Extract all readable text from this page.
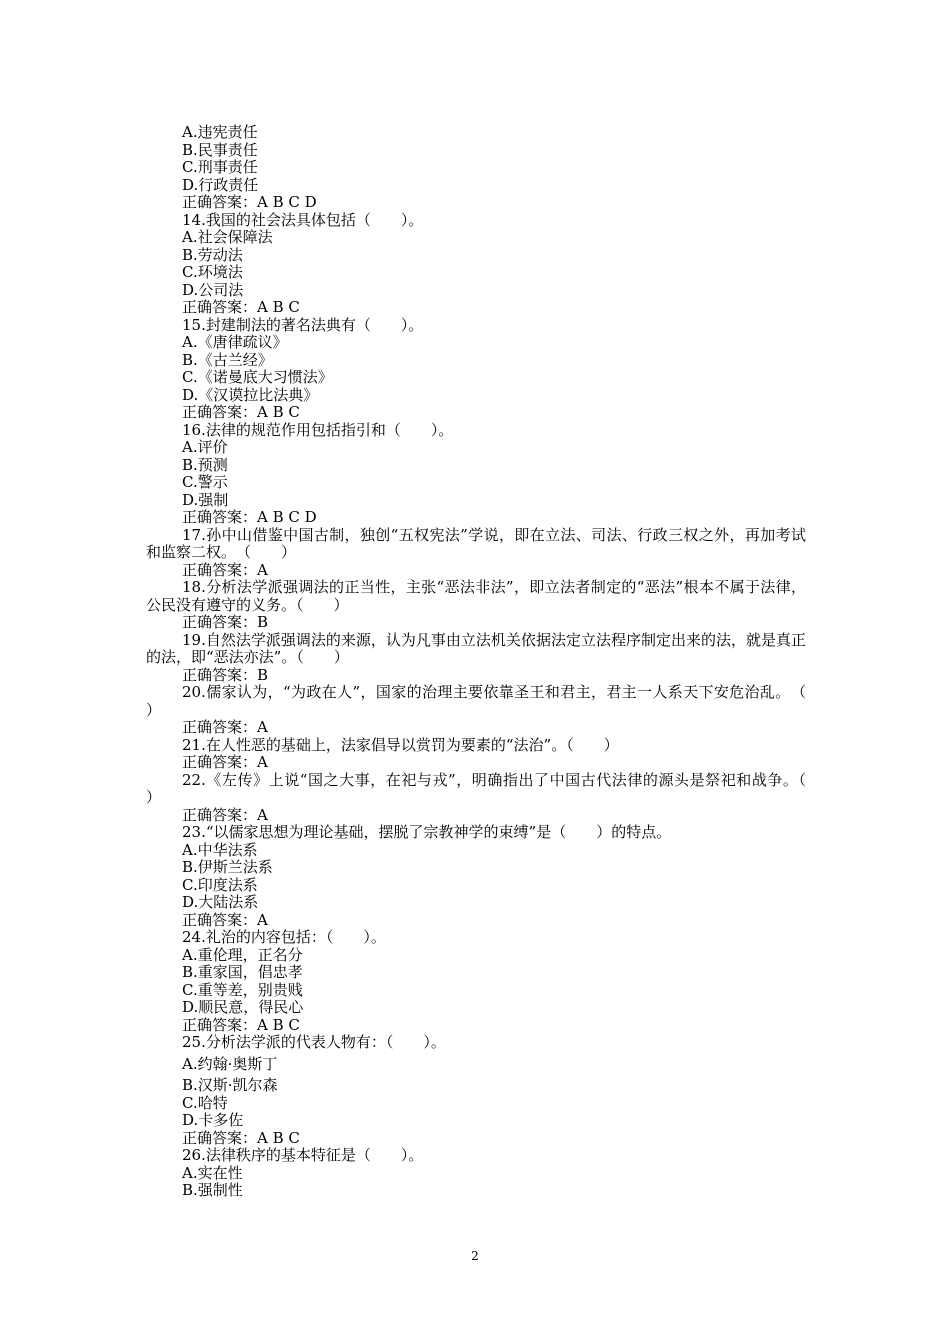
A.违宪责任
B.民事责任
C.刑事责任
D.行政责任
正确答案：A B C D
14.我国的社会法具体包括（　　）。
A.社会保障法
B.劳动法
C.环境法
D.公司法
正确答案：A B C
15.封建制法的著名法典有（　　）。
A.《唐律疏议》
B.《古兰经》
C.《诺曼底大习惯法》
D.《汉谟拉比法典》
正确答案：A B C
16.法律的规范作用包括指引和（　　）。
A.评价
B.预测
C.警示
D.强制
正确答案：A B C D
17.孙中山借鉴中国古制，独创“五权宪法”学说，即在立法、司法、行政三权之外，再加考试和监察二权。　（　　）
正确答案：A
18.分析法学派强调法的正当性，主张“恶法非法”，即立法者制定的“恶法”根本不属于法律，公民没有遵守的义务。（　　）
正确答案：B
19.自然法学派强调法的来源，认为凡事由立法机关依据法定立法程序制定出来的法，就是真正的法，即“恶法亦法”。（　　）
正确答案：B
20.儒家认为，“为政在人”，国家的治理主要依靠圣王和君主，君主一人系天下安危治乱。　（　　）
正确答案：A
21.在人性恶的基础上，法家倡导以赏罚为要素的“法治”。（　　）
正确答案：A
22.《左传》上说“国之大事，在祀与戎”，明确指出了中国古代法律的源头是祭祀和战争。（　　）
正确答案：A
23.“以儒家思想为理论基础，摆脱了宗教神学的束缚”是（　　）的特点。
A.中华法系
B.伊斯兰法系
C.印度法系
D.大陆法系
正确答案：A
24.礼治的内容包括：（　　）。
A.重伦理，正名分
B.重家国，倡忠孝
C.重等差，别贵贱
D.顺民意，得民心
正确答案：A B C
25.分析法学派的代表人物有：（　　）。
A.约翰·奥斯丁
B.汉斯·凯尔森
C.哈特
D.卡多佐
正确答案：A B C
26.法律秩序的基本特征是（　　）。
A.实在性
B.强制性
2
